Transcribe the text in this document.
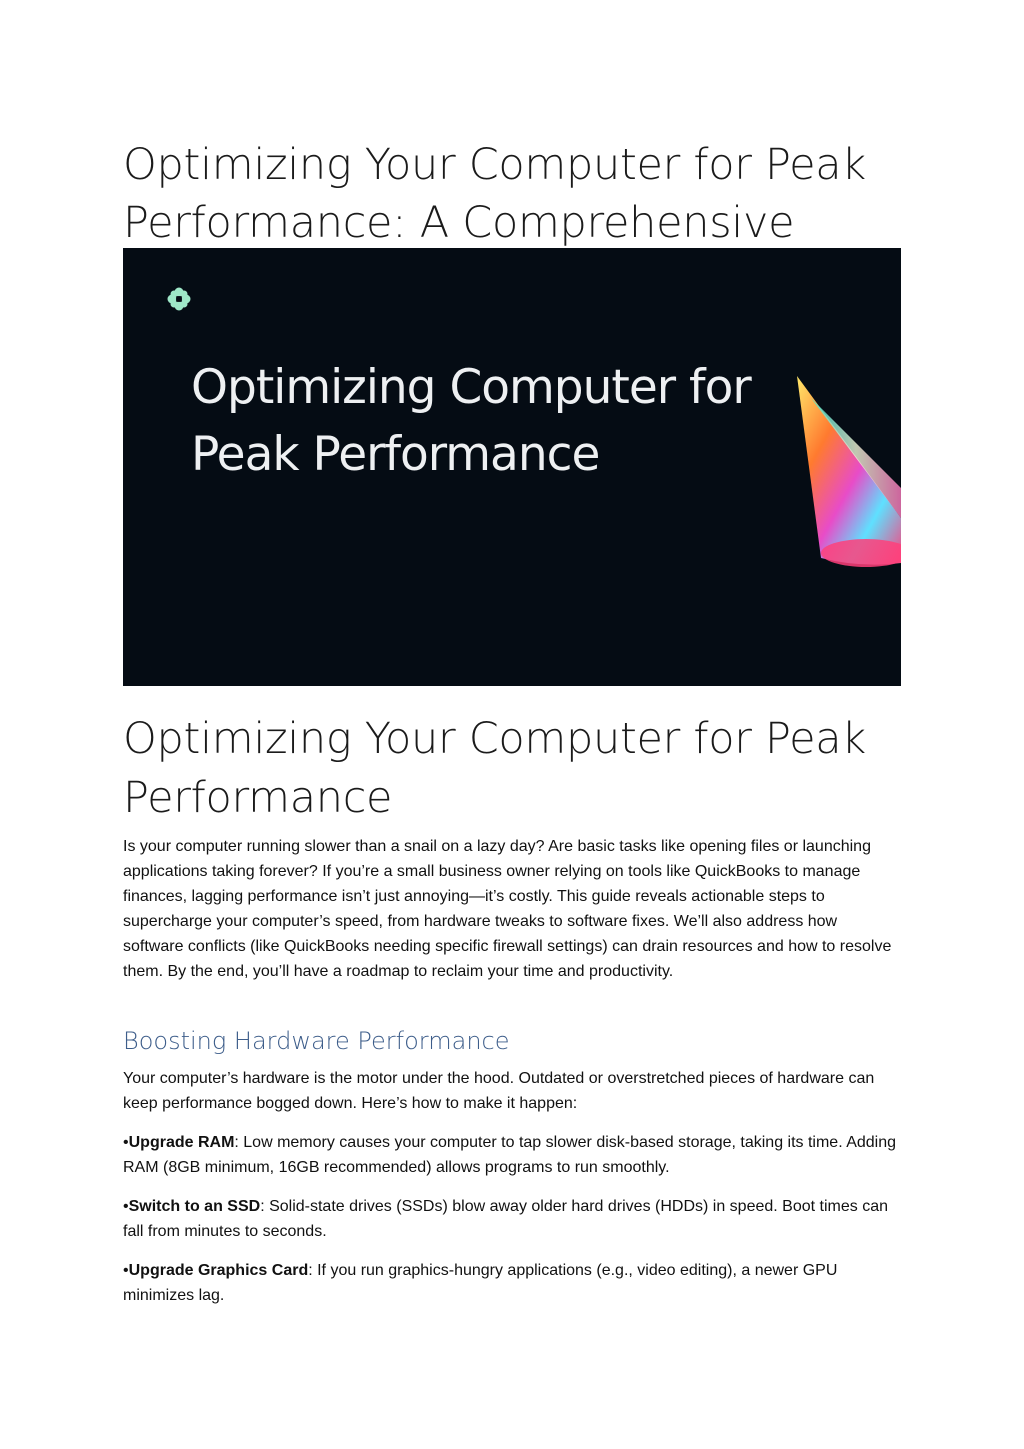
Optimizing Your Computer for Peak Performance: A Comprehensive
Optimizing Computer for Peak Performance
Optimizing Your Computer for Peak Performance

Is your computer running slower than a snail on a lazy day? Are basic tasks like opening files or launching applications taking forever? If you’re a small business owner relying on tools like QuickBooks to manage finances, lagging performance isn’t just annoying—it’s costly. This guide reveals actionable steps to supercharge your computer’s speed, from hardware tweaks to software fixes. We’ll also address how software conflicts (like QuickBooks needing specific firewall settings) can drain resources and how to resolve them. By the end, you’ll have a roadmap to reclaim your time and productivity.

Boosting Hardware Performance

Your computer’s hardware is the motor under the hood. Outdated or overstretched pieces of hardware can keep performance bogged down. Here’s how to make it happen:

•Upgrade RAM: Low memory causes your computer to tap slower disk-based storage, taking its time. Adding RAM (8GB minimum, 16GB recommended) allows programs to run smoothly.

•Switch to an SSD: Solid-state drives (SSDs) blow away older hard drives (HDDs) in speed. Boot times can fall from minutes to seconds.

•Upgrade Graphics Card: If you run graphics-hungry applications (e.g., video editing), a newer GPU minimizes lag.
